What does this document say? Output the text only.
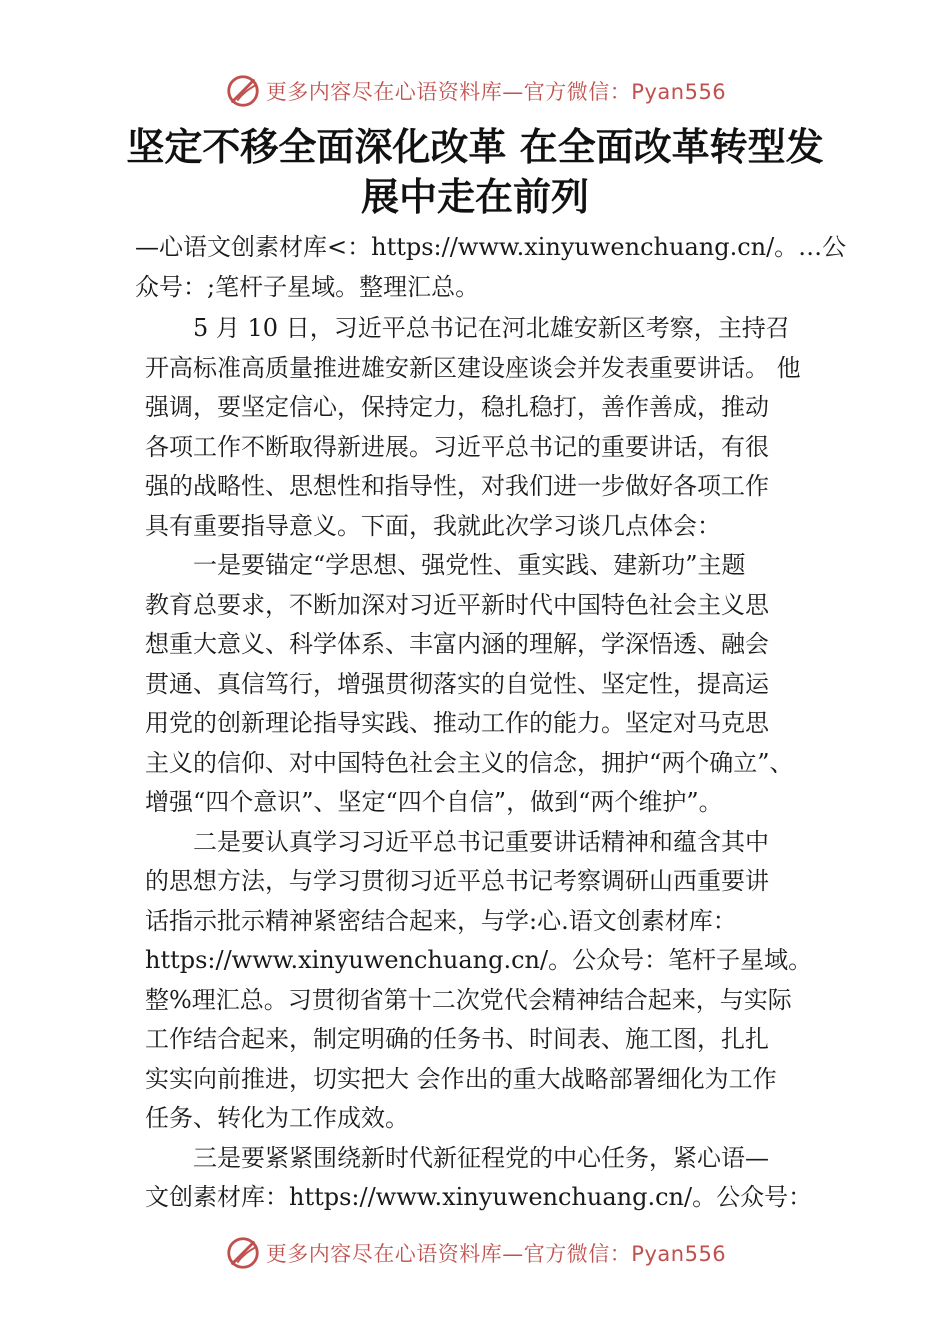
更多内容尽在心语资料库—官方微信：Pyan556
坚定不移全面深化改革 在全面改革转型发
展中走在前列
—心语文创素材库<：https://www.xinyuwenchuang.cn/。…公
众号：;笔杆子星域。整理汇总。
5 月 10 日，习近平总书记在河北雄安新区考察，主持召
开高标准高质量推进雄安新区建设座谈会并发表重要讲话。 他
强调，要坚定信心，保持定力，稳扎稳打，善作善成，推动
各项工作不断取得新进展。习近平总书记的重要讲话，有很
强的战略性、思想性和指导性，对我们进一步做好各项工作
具有重要指导意义。下面，我就此次学习谈几点体会：
一是要锚定“学思想、强党性、重实践、建新功”主题
教育总要求，不断加深对习近平新时代中国特色社会主义思
想重大意义、科学体系、丰富内涵的理解，学深悟透、融会
贯通、真信笃行，增强贯彻落实的自觉性、坚定性，提高运
用党的创新理论指导实践、推动工作的能力。坚定对马克思
主义的信仰、对中国特色社会主义的信念，拥护“两个确立”、
增强“四个意识”、坚定“四个自信”，做到“两个维护”。
二是要认真学习习近平总书记重要讲话精神和蕴含其中
的思想方法，与学习贯彻习近平总书记考察调研山西重要讲
话指示批示精神紧密结合起来，与学:心.语文创素材库：
https://www.xinyuwenchuang.cn/。公众号：笔杆子星域。
整%理汇总。习贯彻省第十二次党代会精神结合起来，与实际
工作结合起来，制定明确的任务书、时间表、施工图，扎扎
实实向前推进，切实把大 会作出的重大战略部署细化为工作
任务、转化为工作成效。
三是要紧紧围绕新时代新征程党的中心任务，紧心语—
文创素材库：https://www.xinyuwenchuang.cn/。公众号：
更多内容尽在心语资料库—官方微信：Pyan556
